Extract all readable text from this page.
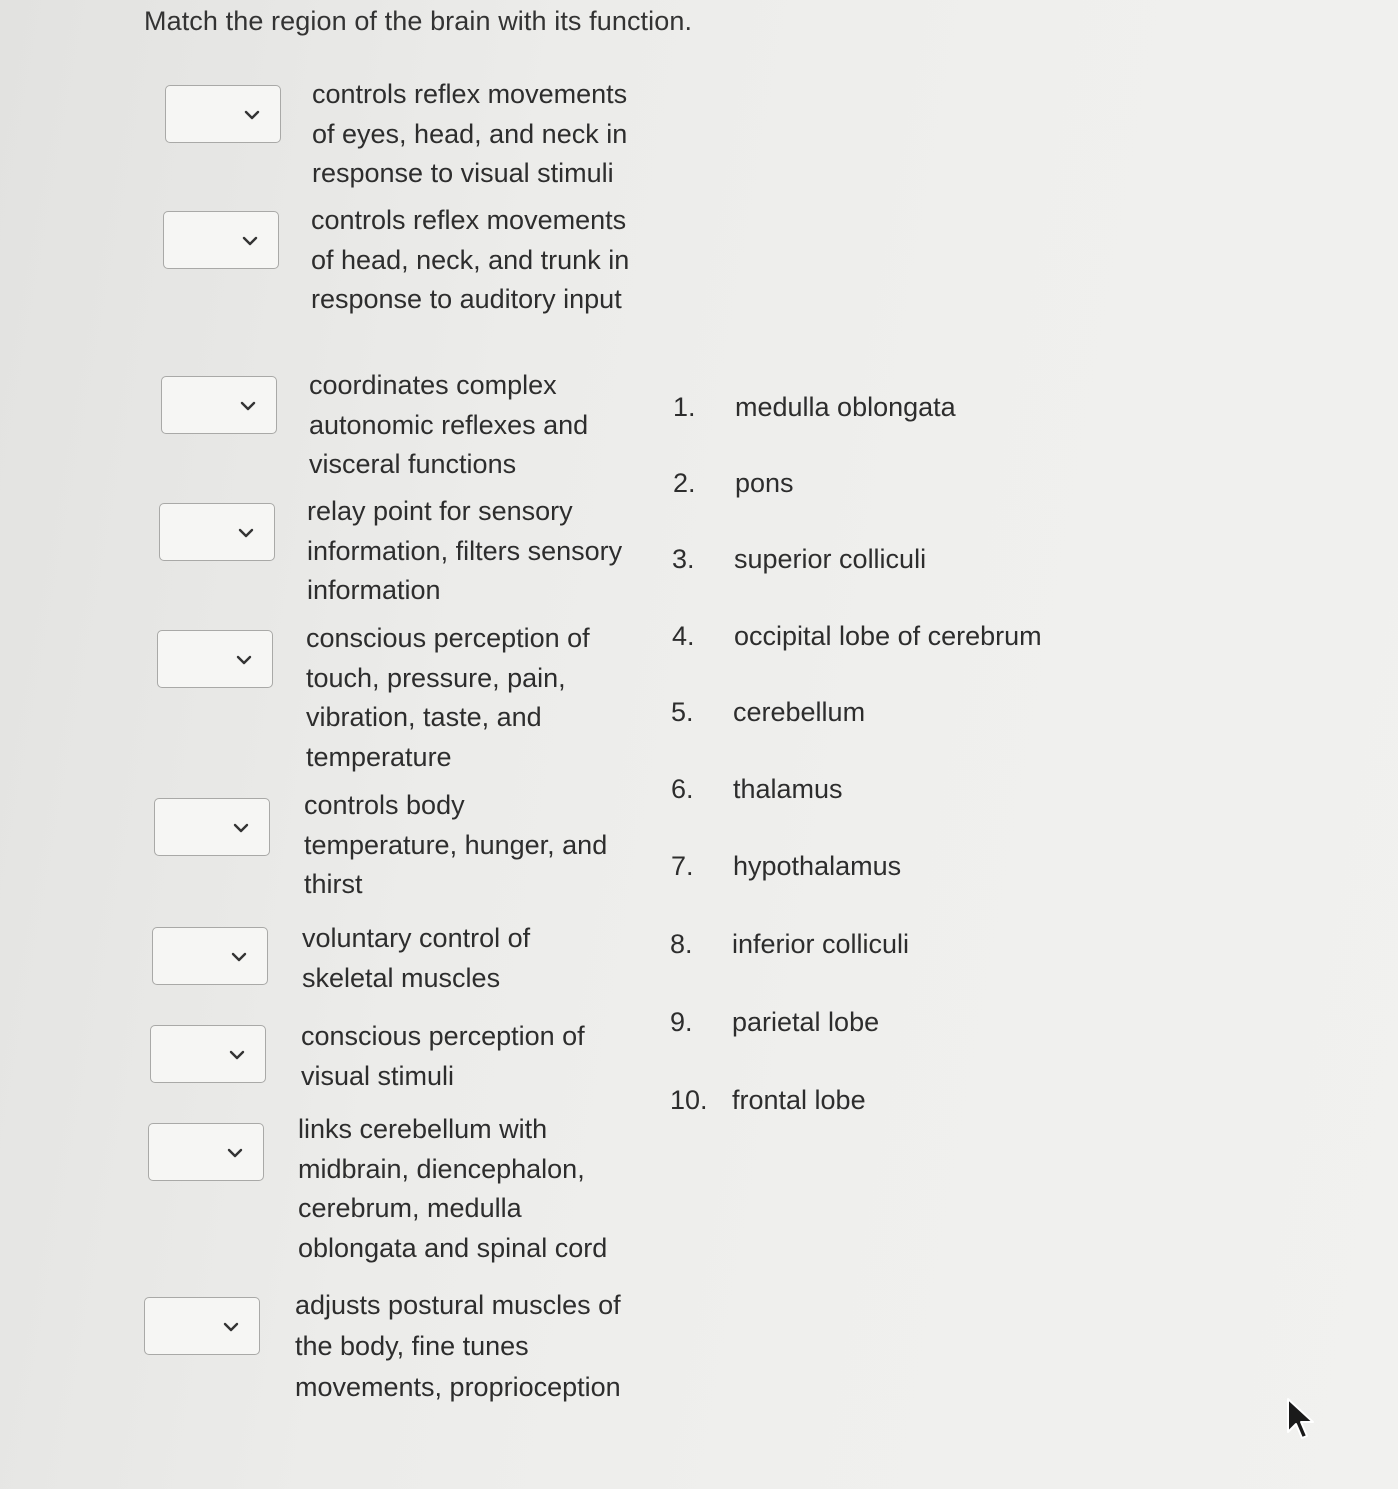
Match the region of the brain with its function.
controls reflex movements of eyes, head, and neck in response to visual stimuli
controls reflex movements of head, neck, and trunk in response to auditory input
coordinates complex autonomic reflexes and visceral functions
relay point for sensory information, filters sensory information
conscious perception of touch, pressure, pain, vibration, taste, and temperature
controls body temperature, hunger, and thirst
voluntary control of skeletal muscles
conscious perception of visual stimuli
links cerebellum with midbrain, diencephalon, cerebrum, medulla oblongata and spinal cord
adjusts postural muscles of the body, fine tunes movements, proprioception
1.	medulla oblongata
2.	pons
3.	superior colliculi
4.	occipital lobe of cerebrum
5.	cerebellum
6.	thalamus
7.	hypothalamus
8.	inferior colliculi
9.	parietal lobe
10. frontal lobe
